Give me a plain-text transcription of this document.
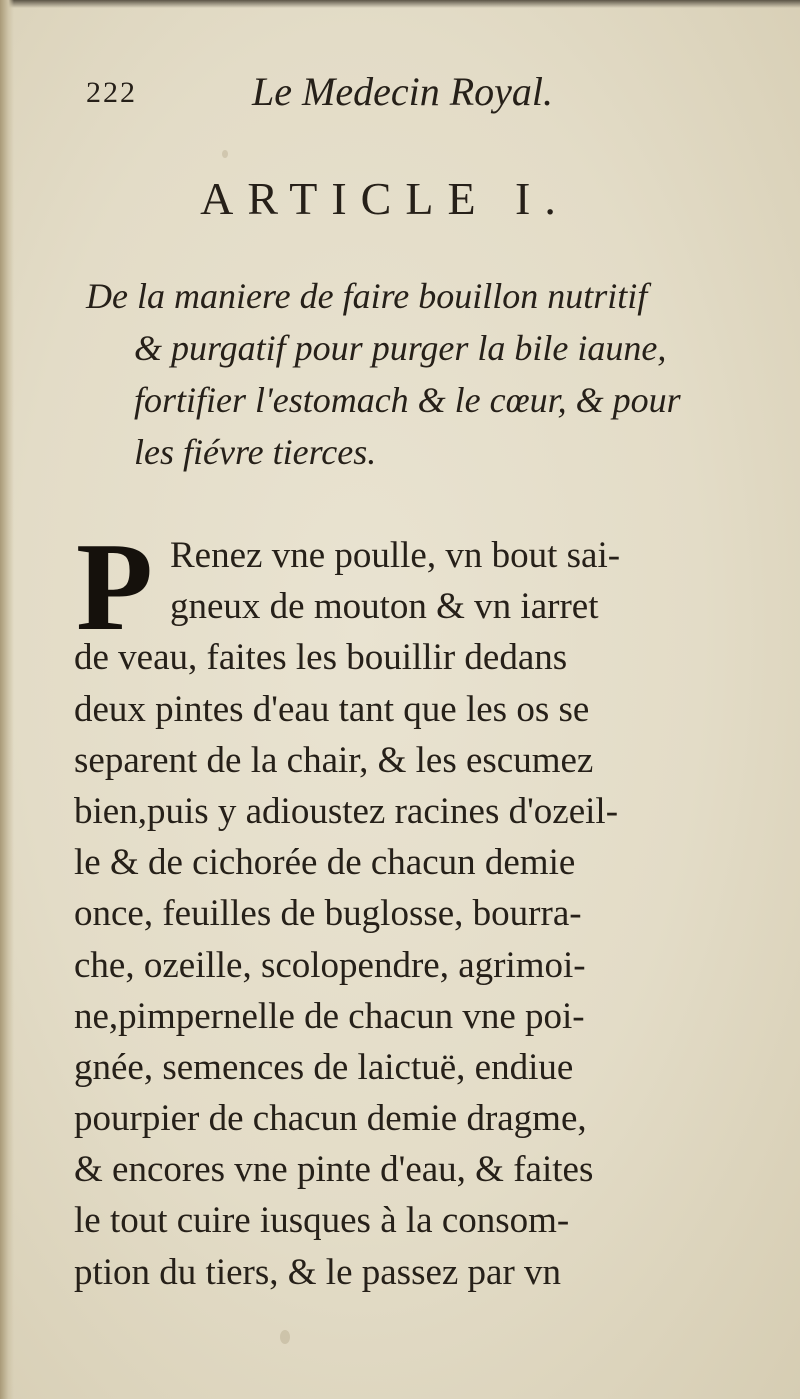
222	Le Medecin Royal.
ARTICLE I.
De la maniere de faire bouillon nutritif
& purgatif pour purger la bile iaune,
fortifier l'estomach & le cœur, & pour
les fiévre tierces.
P Renez vne poulle, vn bout sai-
gneux de mouton & vn iarret
de veau, faites les bouillir dedans
deux pintes d'eau tant que les os se
separent de la chair, & les escumez
bien,puis y adioustez racines d'ozeil-
le & de cichorée de chacun demie
once, feuilles de buglosse, bourra-
che, ozeille, scolopendre, agrimoi-
ne,pimpernelle de chacun vne poi-
gnée, semences de laictuë, endiue
pourpier de chacun demie dragme,
& encores vne pinte d'eau, & faites
le tout cuire iusques à la consom-
ption du tiers, & le passez par vn
